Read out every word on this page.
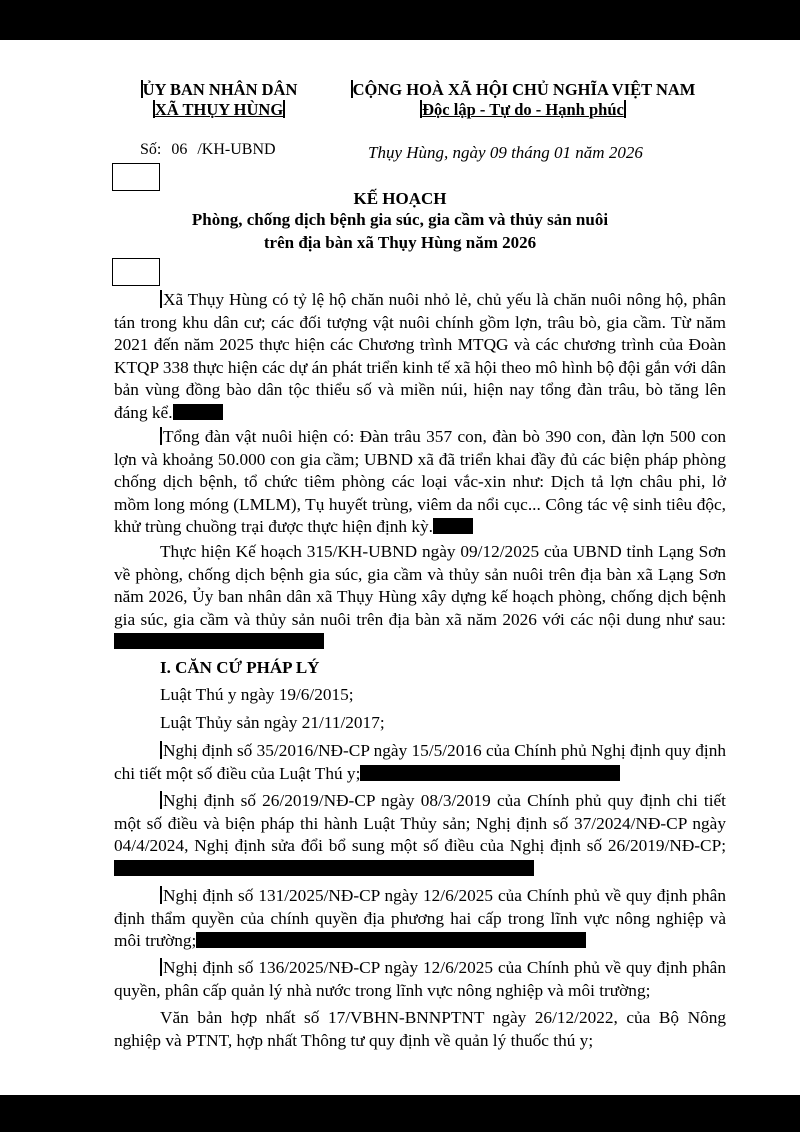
ỦY BAN NHÂN DÂN
XÃ THỤY HÙNG
CỘNG HOÀ XÃ HỘI CHỦ NGHĨA VIỆT NAM
Độc lập - Tự do - Hạnh phúc
Số: 06 /KH-UBND	Thụy Hùng, ngày 09 tháng 01 năm 2026
KẾ HOẠCH
Phòng, chống dịch bệnh gia súc, gia cầm và thủy sản nuôi
trên địa bàn xã Thụy Hùng năm 2026
Xã Thụy Hùng có tỷ lệ hộ chăn nuôi nhỏ lẻ, chủ yếu là chăn nuôi nông hộ, phân tán trong khu dân cư; các đối tượng vật nuôi chính gồm lợn, trâu bò, gia cầm. Từ năm 2021 đến năm 2025 thực hiện các Chương trình MTQG và các chương trình của Đoàn KTQP 338 thực hiện các dự án phát triển kinh tế xã hội theo mô hình bộ đội gắn với dân bản vùng đồng bào dân tộc thiểu số và miền núi, hiện nay tổng đàn trâu, bò tăng lên đáng kể.
Tổng đàn vật nuôi hiện có: Đàn trâu 357 con, đàn bò 390 con, đàn lợn 500 con lợn và khoảng 50.000 con gia cầm; UBND xã đã triển khai đầy đủ các biện pháp phòng chống dịch bệnh, tổ chức tiêm phòng các loại vắc-xin như: Dịch tả lợn châu phi, lở mồm long móng (LMLM), Tụ huyết trùng, viêm da nổi cục... Công tác vệ sinh tiêu độc, khử trùng chuồng trại được thực hiện định kỳ.
Thực hiện Kế hoạch 315/KH-UBND ngày 09/12/2025 của UBND tỉnh Lạng Sơn về phòng, chống dịch bệnh gia súc, gia cầm và thủy sản nuôi trên địa bàn xã Lạng Sơn năm 2026, Ủy ban nhân dân xã Thụy Hùng xây dựng kế hoạch phòng, chống dịch bệnh gia súc, gia cầm và thủy sản nuôi trên địa bàn xã năm 2026 với các nội dung như sau:
I. CĂN CỨ PHÁP LÝ
Luật Thú y ngày 19/6/2015;
Luật Thủy sản ngày 21/11/2017;
Nghị định số 35/2016/NĐ-CP ngày 15/5/2016 của Chính phủ Nghị định quy định chi tiết một số điều của Luật Thú y;
Nghị định số 26/2019/NĐ-CP ngày 08/3/2019 của Chính phủ quy định chi tiết một số điều và biện pháp thi hành Luật Thủy sản; Nghị định số 37/2024/NĐ-CP ngày 04/4/2024, Nghị định sửa đổi bổ sung một số điều của Nghị định số 26/2019/NĐ-CP;
Nghị định số 131/2025/NĐ-CP ngày 12/6/2025 của Chính phủ về quy định phân định thẩm quyền của chính quyền địa phương hai cấp trong lĩnh vực nông nghiệp và môi trường;
Nghị định số 136/2025/NĐ-CP ngày 12/6/2025 của Chính phủ về quy định phân quyền, phân cấp quản lý nhà nước trong lĩnh vực nông nghiệp và môi trường;
Văn bản hợp nhất số 17/VBHN-BNNPTNT ngày 26/12/2022, của Bộ Nông nghiệp và PTNT, hợp nhất Thông tư quy định về quản lý thuốc thú y;
